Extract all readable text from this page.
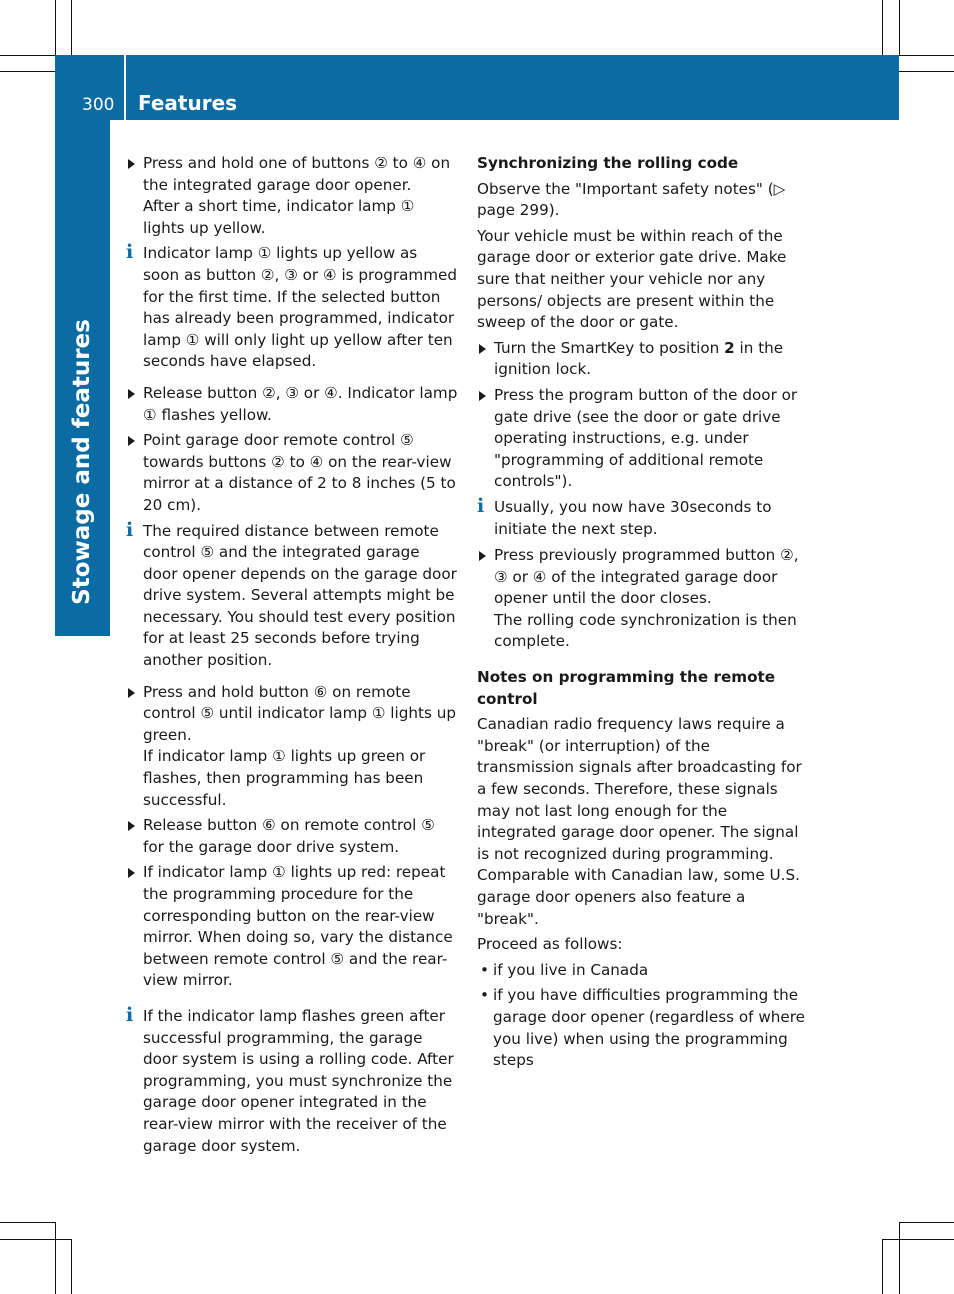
300 Features
Stowage and features
Press and hold one of buttons ② to ④ on the integrated garage door opener.
After a short time, indicator lamp ① lights up yellow.
i Indicator lamp ① lights up yellow as soon as button ②, ③ or ④ is programmed for the first time. If the selected button has already been programmed, indicator lamp ① will only light up yellow after ten seconds have elapsed.
Release button ②, ③ or ④. Indicator lamp ① flashes yellow.
Point garage door remote control ⑤ towards buttons ② to ④ on the rear-view mirror at a distance of 2 to 8 inches (5 to 20 cm).
i The required distance between remote control ⑤ and the integrated garage door opener depends on the garage door drive system. Several attempts might be necessary. You should test every position for at least 25 seconds before trying another position.
Press and hold button ⑥ on remote control ⑤ until indicator lamp ① lights up green.
If indicator lamp ① lights up green or flashes, then programming has been successful.
Release button ⑥ on remote control ⑤ for the garage door drive system.
If indicator lamp ① lights up red: repeat the programming procedure for the corresponding button on the rear-view mirror. When doing so, vary the distance between remote control ⑤ and the rear-view mirror.
i If the indicator lamp flashes green after successful programming, the garage door system is using a rolling code. After programming, you must synchronize the garage door opener integrated in the rear-view mirror with the receiver of the garage door system.
Synchronizing the rolling code
Observe the "Important safety notes" (▷ page 299).
Your vehicle must be within reach of the garage door or exterior gate drive. Make sure that neither your vehicle nor any persons/ objects are present within the sweep of the door or gate.
Turn the SmartKey to position 2 in the ignition lock.
Press the program button of the door or gate drive (see the door or gate drive operating instructions, e.g. under "programming of additional remote controls").
i Usually, you now have 30seconds to initiate the next step.
Press previously programmed button ②, ③ or ④ of the integrated garage door opener until the door closes.
The rolling code synchronization is then complete.
Notes on programming the remote control
Canadian radio frequency laws require a "break" (or interruption) of the transmission signals after broadcasting for a few seconds. Therefore, these signals may not last long enough for the integrated garage door opener. The signal is not recognized during programming. Comparable with Canadian law, some U.S. garage door openers also feature a "break".
Proceed as follows:
• if you live in Canada
• if you have difficulties programming the garage door opener (regardless of where you live) when using the programming steps
